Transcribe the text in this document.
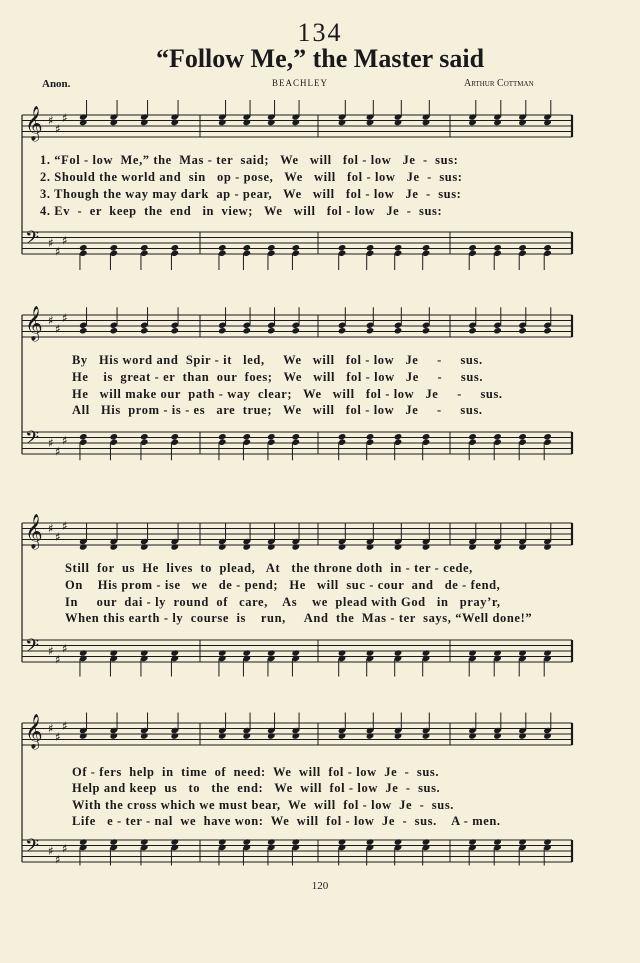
134
“Follow Me,” the Master said
Anon.	BEACHLEY	Arthur Cottman
𝄞 ♯
♯
♯
𝄢 ♯
♯
♯
1. “Fol - low  Me,” the  Mas - ter  said;   We   will   fol - low   Je  -  sus:
2. Should the world and  sin   op - pose,   We   will   fol - low   Je  -  sus:
3. Though the way may dark  ap - pear,   We   will   fol - low   Je  -  sus:
4. Ev  -  er  keep  the  end   in  view;   We   will   fol - low   Je  -  sus:
𝄞 ♯
♯
♯
𝄢 ♯
♯
♯
By   His word and  Spir - it   led,     We   will   fol - low   Je     -     sus.
He    is  great - er  than  our  foes;   We   will   fol - low   Je     -     sus.
He   will make our  path - way  clear;   We   will   fol - low   Je     -     sus.
All   His  prom - is - es   are  true;   We   will   fol - low   Je     -     sus.
𝄞 ♯
♯
♯
𝄢 ♯
♯
♯
Still  for  us  He  lives  to  plead,   At   the throne doth  in - ter - cede,
On    His prom - ise   we   de - pend;   He   will  suc - cour  and   de - fend,
In     our  dai - ly  round  of   care,    As    we  plead with God   in   pray’r,
When this earth - ly  course  is    run,     And  the  Mas - ter  says, “Well done!”
𝄞 ♯
♯
♯
𝄢 ♯
♯
♯
Of - fers  help  in  time  of  need:  We  will  fol - low  Je  -  sus.
Help and keep  us   to   the  end:   We  will  fol - low  Je  -  sus.
With the cross which we must bear,  We  will  fol - low  Je  -  sus.
Life   e - ter - nal  we  have won:  We  will  fol - low  Je  -  sus.    A - men.
120
